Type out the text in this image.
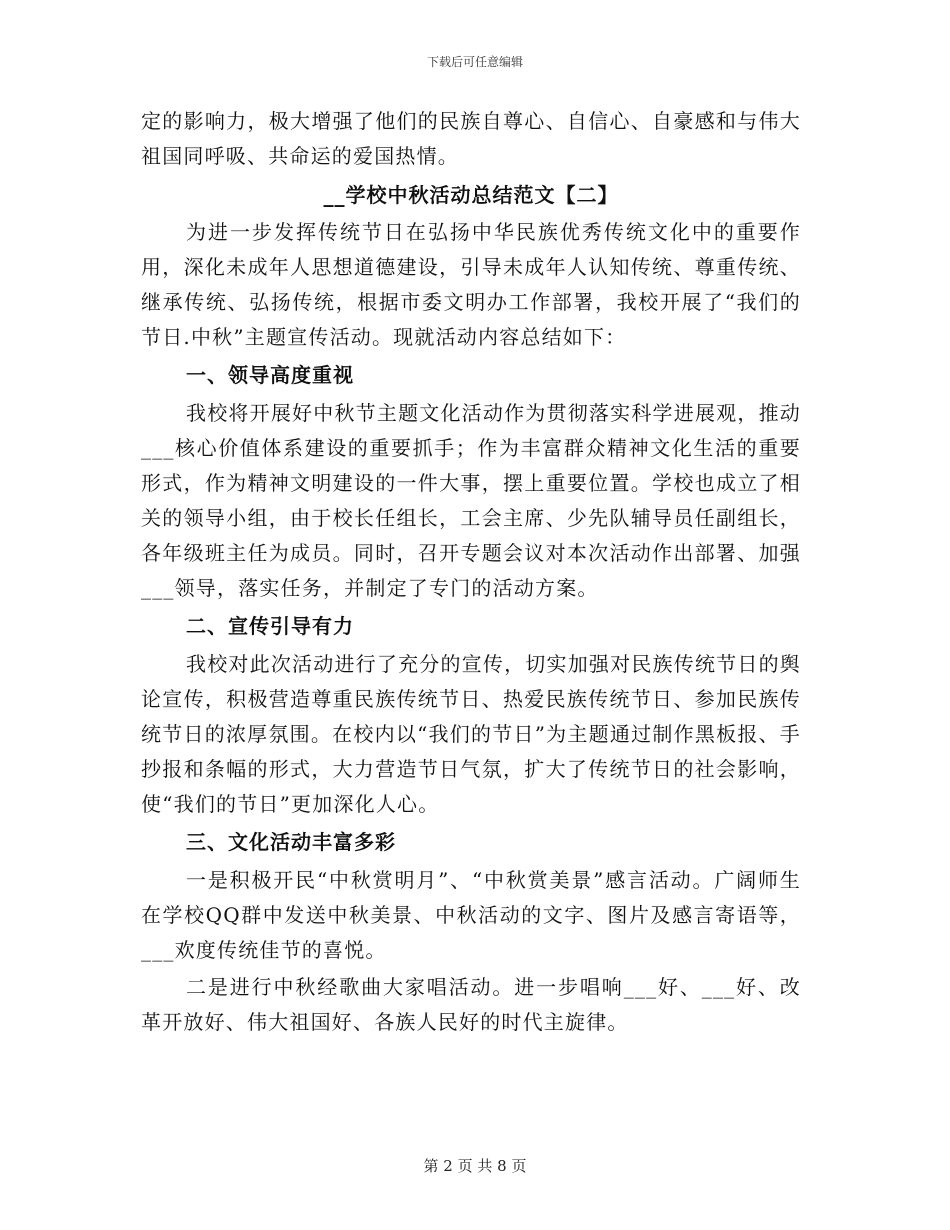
下载后可任意编辑

定的影响力，极大增强了他们的民族自尊心、自信心、自豪感和与伟大祖国同呼吸、共命运的爱国热情。

__学校中秋活动总结范文【二】

为进一步发挥传统节日在弘扬中华民族优秀传统文化中的重要作用，深化未成年人思想道德建设，引导未成年人认知传统、尊重传统、继承传统、弘扬传统，根据市委文明办工作部署，我校开展了“我们的节日.中秋”主题宣传活动。现就活动内容总结如下：

一、领导高度重视

我校将开展好中秋节主题文化活动作为贯彻落实科学进展观，推动___核心价值体系建设的重要抓手；作为丰富群众精神文化生活的重要形式，作为精神文明建设的一件大事，摆上重要位置。学校也成立了相关的领导小组，由于校长任组长，工会主席、少先队辅导员任副组长，各年级班主任为成员。同时，召开专题会议对本次活动作出部署、加强___领导，落实任务，并制定了专门的活动方案。

二、宣传引导有力

我校对此次活动进行了充分的宣传，切实加强对民族传统节日的舆论宣传，积极营造尊重民族传统节日、热爱民族传统节日、参加民族传统节日的浓厚氛围。在校内以“我们的节日”为主题通过制作黑板报、手抄报和条幅的形式，大力营造节日气氛，扩大了传统节日的社会影响，使“我们的节日”更加深化人心。

三、文化活动丰富多彩

一是积极开民“中秋赏明月”、“中秋赏美景”感言活动。广阔师生在学校QQ群中发送中秋美景、中秋活动的文字、图片及感言寄语等，___欢度传统佳节的喜悦。

二是进行中秋经歌曲大家唱活动。进一步唱响___好、___好、改革开放好、伟大祖国好、各族人民好的时代主旋律。

第 2 页 共 8 页
